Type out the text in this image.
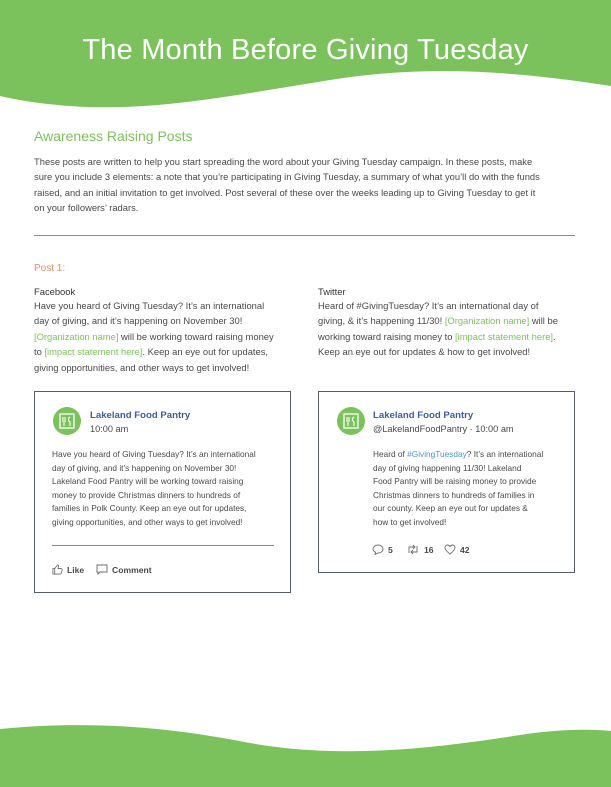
The Month Before Giving Tuesday
Awareness Raising Posts
These posts are written to help you start spreading the word about your Giving Tuesday campaign. In these posts, make
sure you include 3 elements: a note that you’re participating in Giving Tuesday, a summary of what you’ll do with the funds
raised, and an initial invitation to get involved. Post several of these over the weeks leading up to Giving Tuesday to get it
on your followers’ radars.
Post 1:
Facebook
Have you heard of Giving Tuesday? It’s an international
day of giving, and it’s happening on November 30!
[Organization name] will be working toward raising money
to [impact statement here]. Keep an eye out for updates,
giving opportunities, and other ways to get involved!
Twitter
Heard of #GivingTuesday? It’s an international day of
giving, & it’s happening 11/30! [Organization name] will be
working toward raising money to [impact statement here].
Keep an eye out for updates & how to get involved!
Lakeland Food Pantry
10:00 am
Have you heard of Giving Tuesday? It’s an international
day of giving, and it’s happening on November 30!
Lakeland Food Pantry will be working toward raising
money to provide Christmas dinners to hundreds of
families in Polk County. Keep an eye out for updates,
giving opportunities, and other ways to get involved!
Like	Comment
Lakeland Food Pantry
@LakelandFoodPantry · 10:00 am
Heard of #GivingTuesday? It’s an international
day of giving happening 11/30! Lakeland
Food Pantry will be raising money to provide
Christmas dinners to hundreds of families in
our county. Keep an eye out for updates &
how to get involved!
5	16	42
